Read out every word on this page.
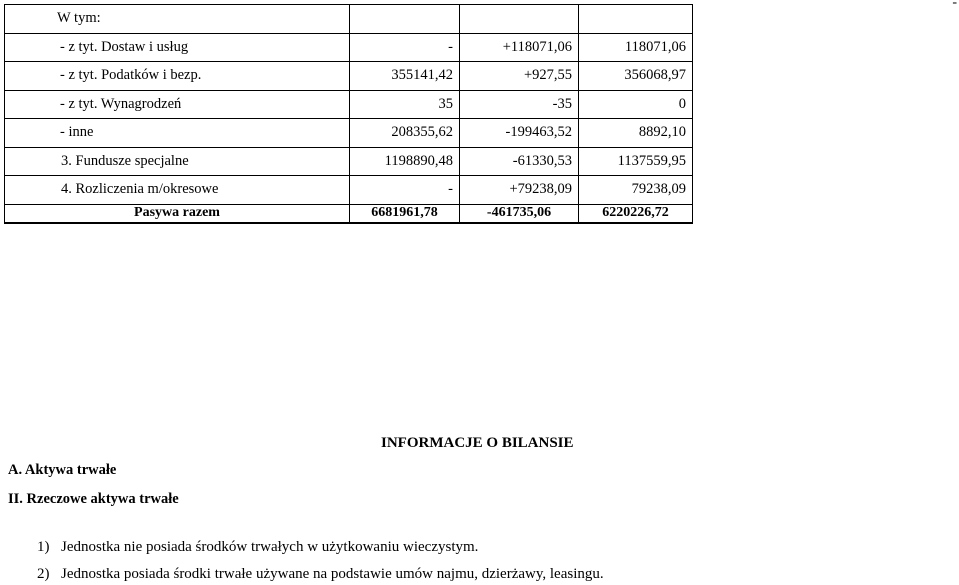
-
W tym:			
- z tyt. Dostaw i usług	-	+118071,06	118071,06
- z tyt. Podatków i bezp.	355141,42	+927,55	356068,97
- z tyt. Wynagrodzeń	35	-35	0
- inne	208355,62	-199463,52	8892,10
3. Fundusze specjalne	1198890,48	-61330,53	1137559,95
4. Rozliczenia m/okresowe	-	+79238,09	79238,09
Pasywa razem	6681961,78	-461735,06	6220226,72
INFORMACJE O BILANSIE
A. Aktywa trwałe
II. Rzeczowe aktywa trwałe
1) Jednostka nie posiada środków trwałych w użytkowaniu wieczystym.
2) Jednostka posiada środki trwałe używane na podstawie umów najmu, dzierżawy, leasingu.
